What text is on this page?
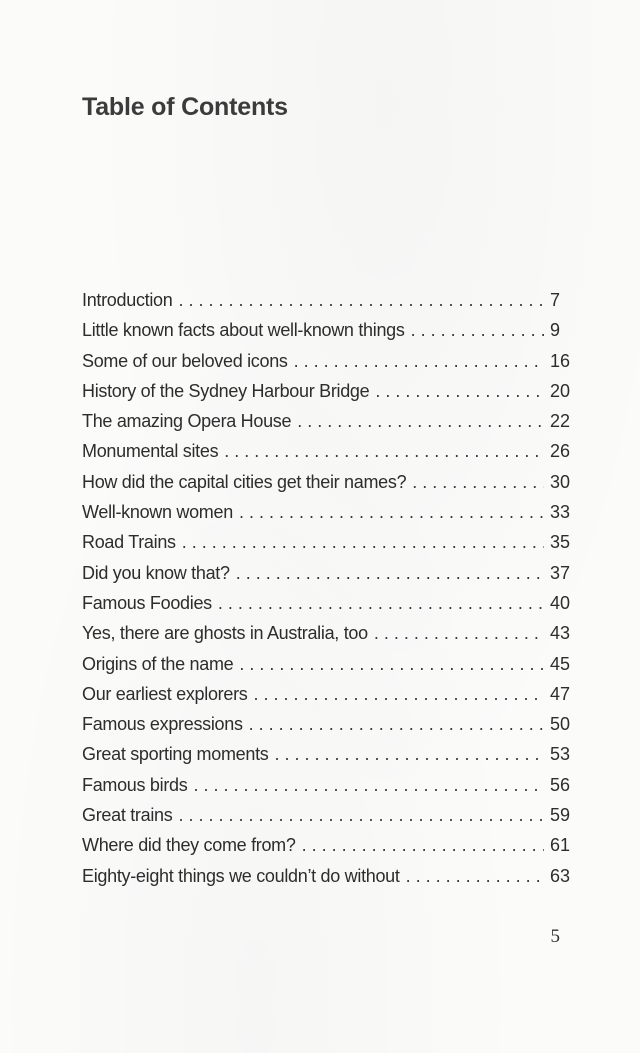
Table of Contents
Introduction . . .	7
Little known facts about well-known things . . .	9
Some of our beloved icons . . .	16
History of the Sydney Harbour Bridge . . .	20
The amazing Opera House . . .	22
Monumental sites . . .	26
How did the capital cities get their names? . . .	30
Well-known women . . .	33
Road Trains . . .	35
Did you know that? . . .	37
Famous Foodies . . .	40
Yes, there are ghosts in Australia, too . . .	43
Origins of the name . . .	45
Our earliest explorers . . .	47
Famous expressions . . .	50
Great sporting moments . . .	53
Famous birds . . .	56
Great trains . . .	59
Where did they come from? . . .	61
Eighty-eight things we couldn’t do without . . .	63
5
